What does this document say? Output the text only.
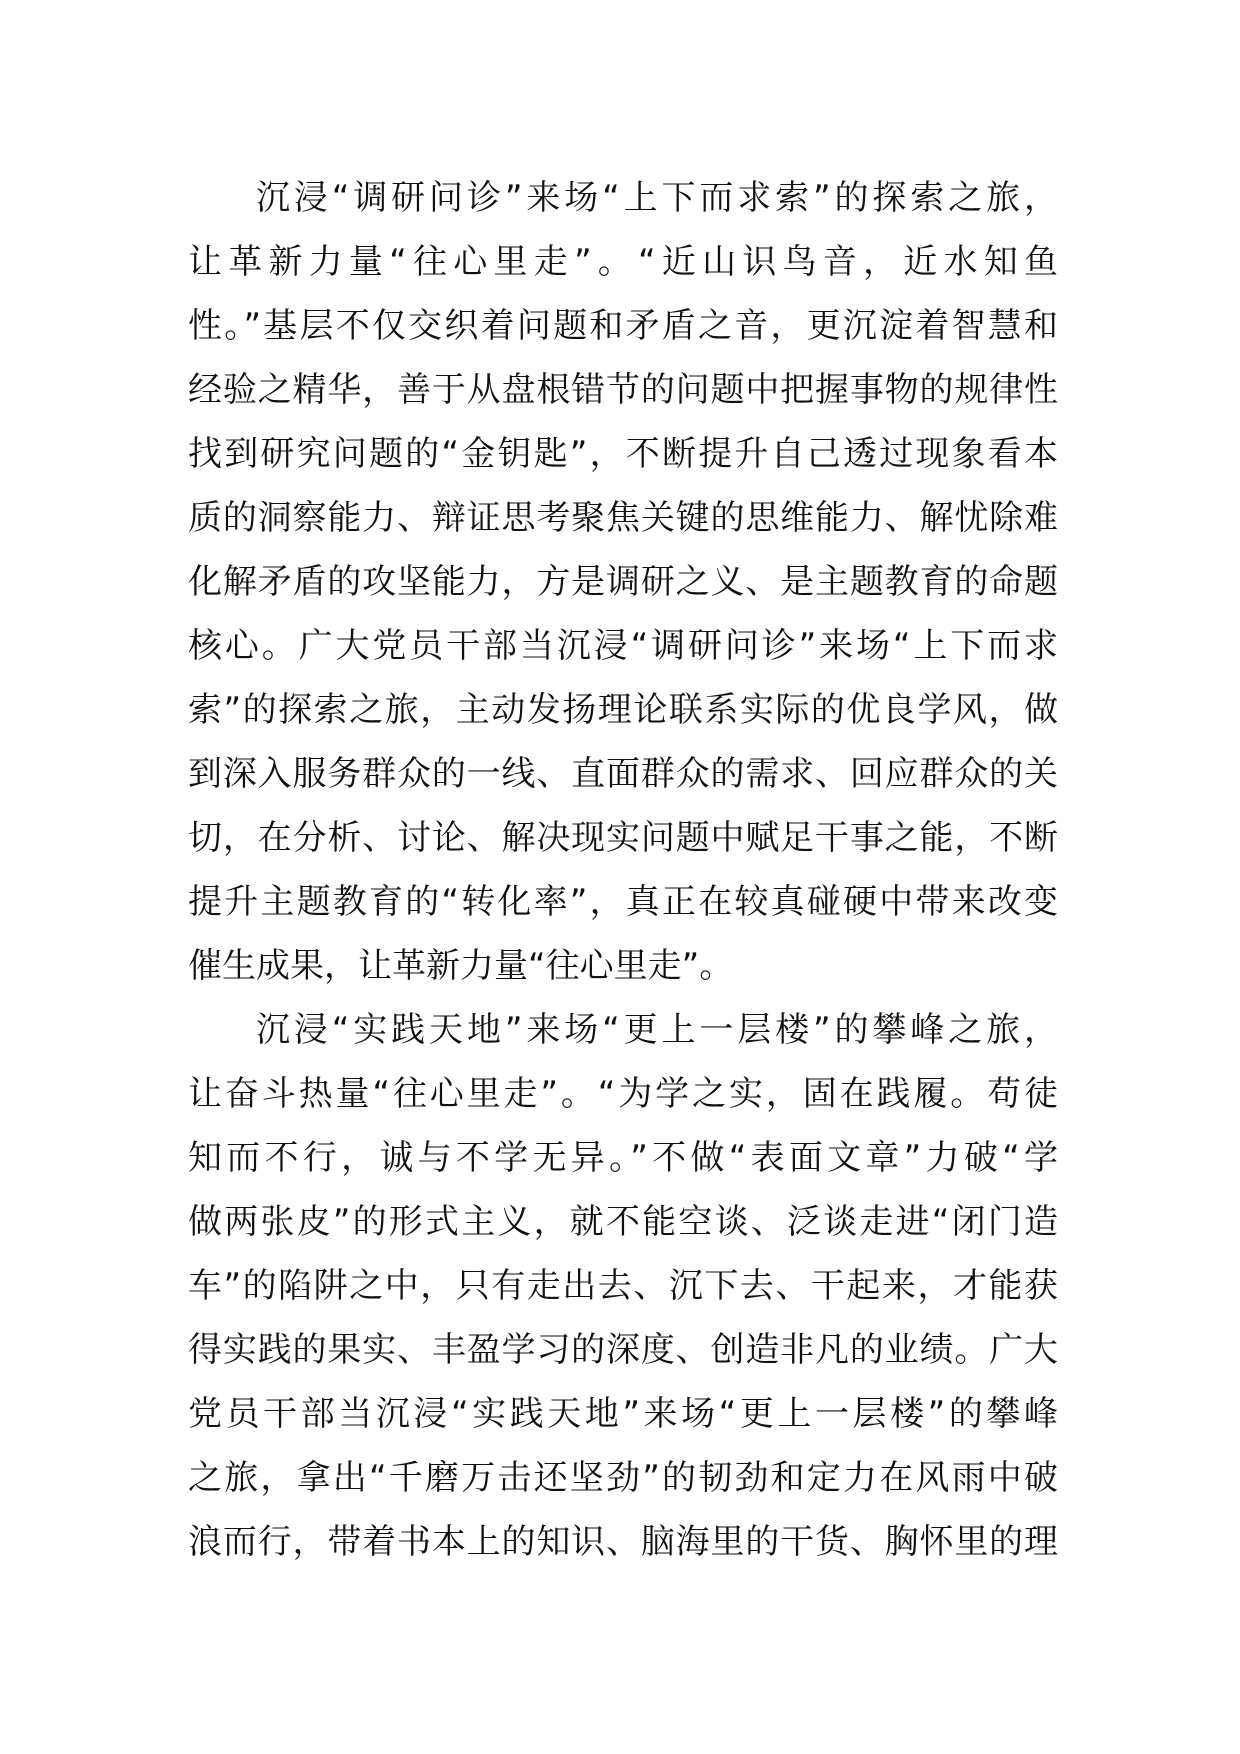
沉浸“调研问诊”来场“上下而求索”的探索之旅，
让革新力量“往心里走”。“近山识鸟音，近水知鱼
性。”基层不仅交织着问题和矛盾之音，更沉淀着智慧和
经验之精华，善于从盘根错节的问题中把握事物的规律性
找到研究问题的“金钥匙”，不断提升自己透过现象看本
质的洞察能力、辩证思考聚焦关键的思维能力、解忧除难
化解矛盾的攻坚能力，方是调研之义、是主题教育的命题
核心。广大党员干部当沉浸“调研问诊”来场“上下而求
索”的探索之旅，主动发扬理论联系实际的优良学风，做
到深入服务群众的一线、直面群众的需求、回应群众的关
切，在分析、讨论、解决现实问题中赋足干事之能，不断
提升主题教育的“转化率”，真正在较真碰硬中带来改变
催生成果，让革新力量“往心里走”。
沉浸“实践天地”来场“更上一层楼”的攀峰之旅，
让奋斗热量“往心里走”。“为学之实，固在践履。苟徒
知而不行，诚与不学无异。”不做“表面文章”力破“学
做两张皮”的形式主义，就不能空谈、泛谈走进“闭门造
车”的陷阱之中，只有走出去、沉下去、干起来，才能获
得实践的果实、丰盈学习的深度、创造非凡的业绩。广大
党员干部当沉浸“实践天地”来场“更上一层楼”的攀峰
之旅，拿出“千磨万击还坚劲”的韧劲和定力在风雨中破
浪而行，带着书本上的知识、脑海里的干货、胸怀里的理
